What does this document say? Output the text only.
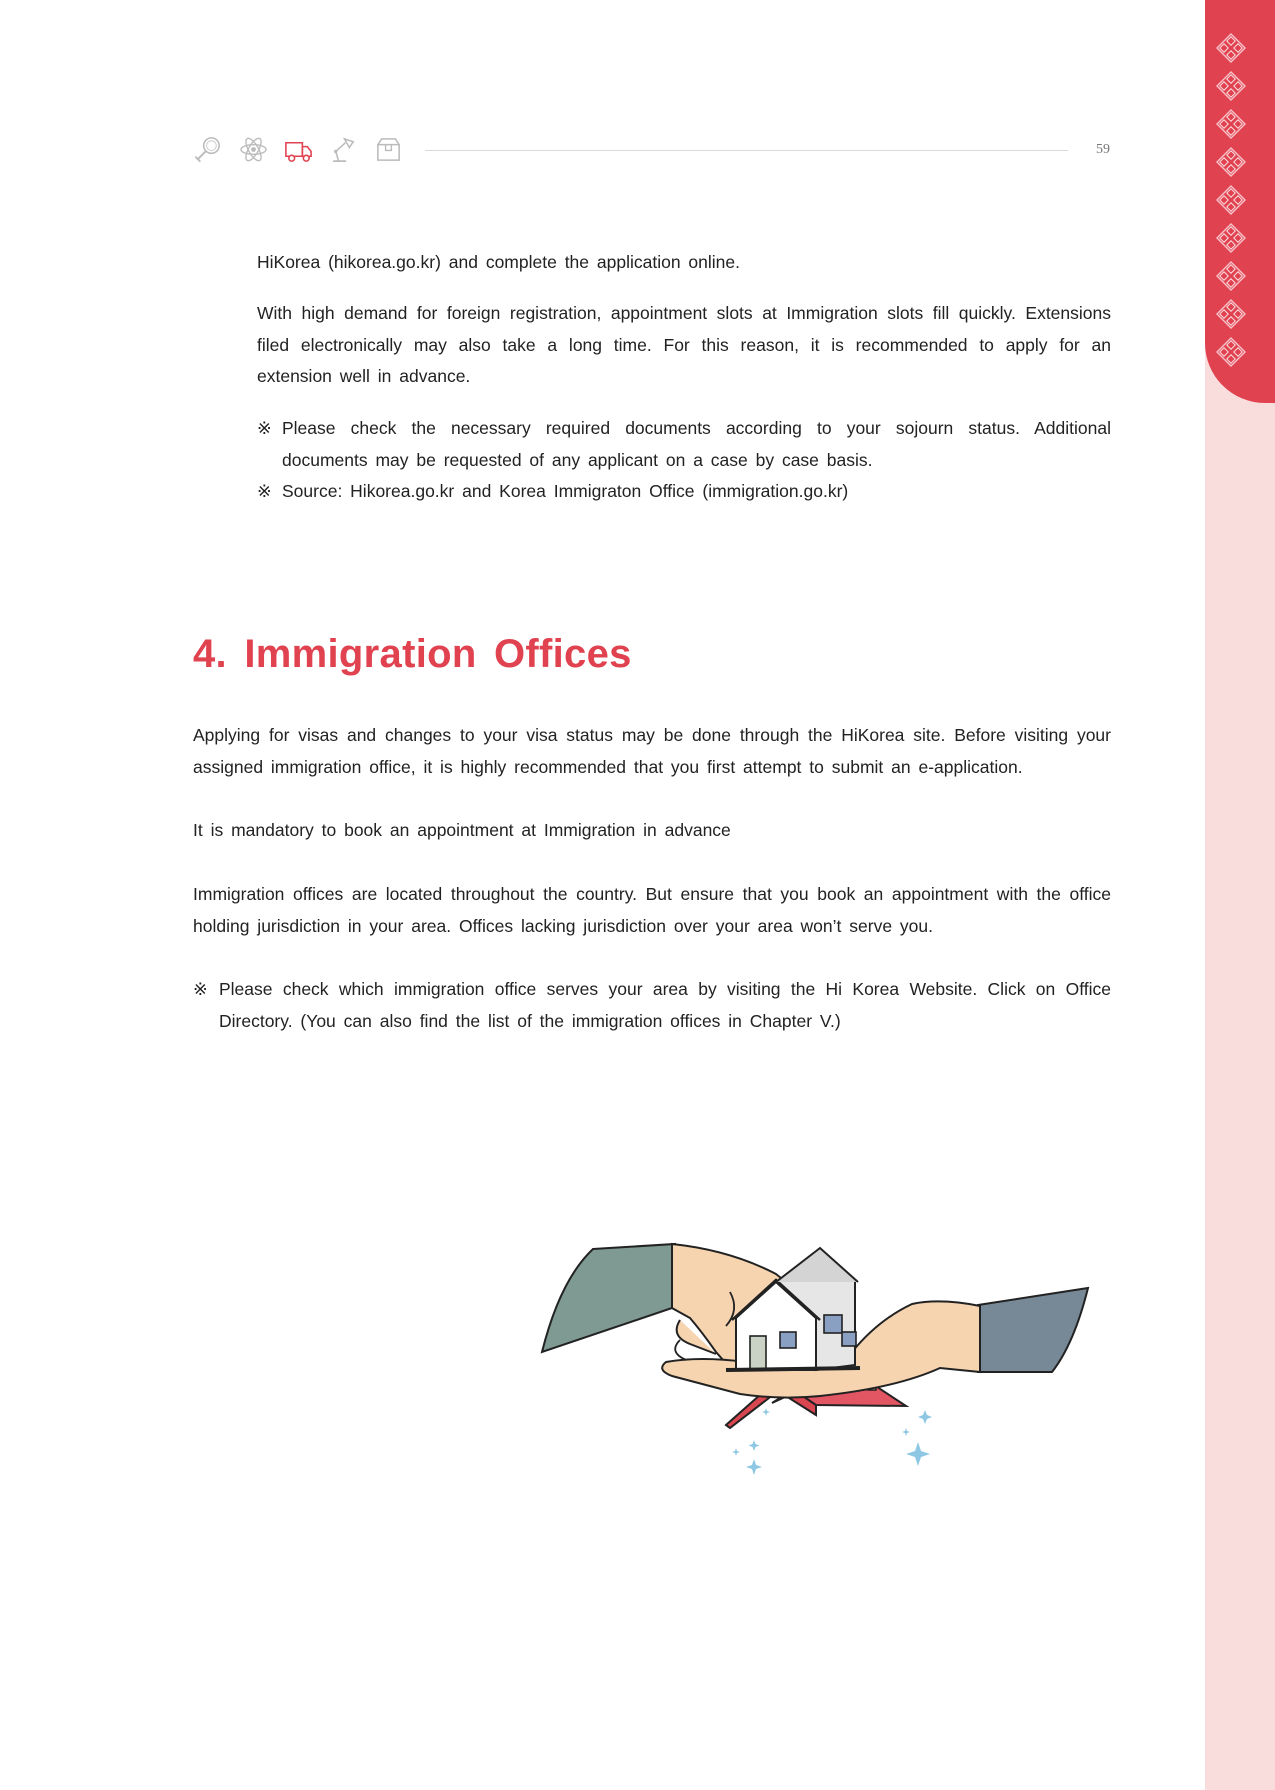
59

HiKorea (hikorea.go.kr) and complete the application online.

With high demand for foreign registration, appointment slots at Immigration slots fill quickly. Extensions filed electronically may also take a long time. For this reason, it is recommended to apply for an extension well in advance.

※ Please check the necessary required documents according to your sojourn status. Additional documents may be requested of any applicant on a case by case basis.
※ Source: Hikorea.go.kr and Korea Immigraton Office (immigration.go.kr)
4. Immigration Offices

Applying for visas and changes to your visa status may be done through the HiKorea site. Before visiting your assigned immigration office, it is highly recommended that you first attempt to submit an e-application.

It is mandatory to book an appointment at Immigration in advance

Immigration offices are located throughout the country. But ensure that you book an appointment with the office holding jurisdiction in your area. Offices lacking jurisdiction over your area won’t serve you.

※ Please check which immigration office serves your area by visiting the Hi Korea Website. Click on Office Directory. (You can also find the list of the immigration offices in Chapter V.)
